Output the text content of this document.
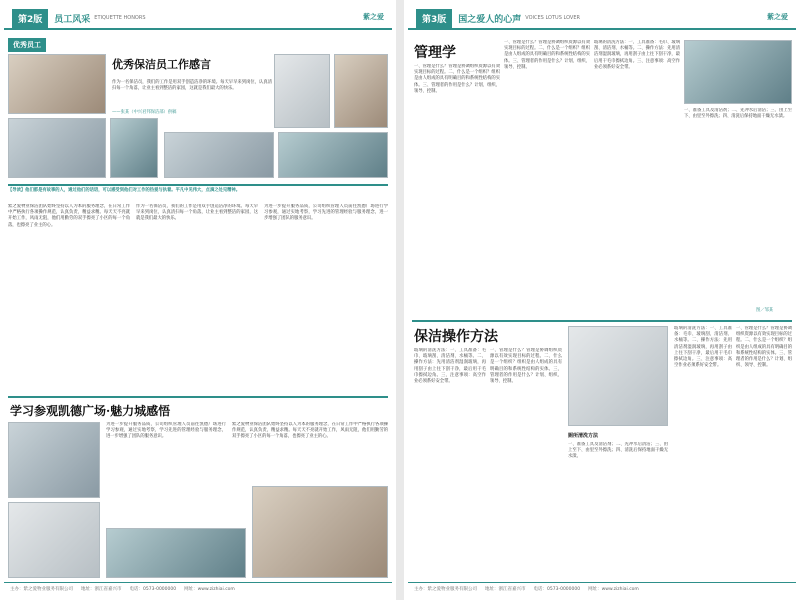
第2版	员工风采 ETIQUETTE HONORS	紫之爱
优秀员工
优秀保洁员工作感言
作为一名保洁员，我们的工作是用双手创造洁净的环境。每天早早来到岗位，认真清扫每一个角落，让业主看到整洁的家园，这就是我们最大的快乐。
——张某（中兴君邦保洁部）供稿
【导读】他们都是有故事的人，通过他们的话语，可以感受到他们对工作的热爱与执着。平凡中见伟大，点滴之处见精神。
紫之爱物业保洁团队始终坚持以人为本的服务理念，在日常工作中严格执行各项操作规范，认真负责，精益求精。每天天不亮就开始工作，风雨无阻，他们用勤劳的双手擦亮了小区的每一个角落，也擦亮了业主的心。
作为一名保洁员，我们的工作是用双手创造洁净的环境。每天早早来到岗位，认真清扫每一个角落，让业主看到整洁的家园，这就是我们最大的快乐。
为进一步提升服务品质，公司组织管理人员前往凯德广场进行学习参观，通过实地考察，学习先进的管理经验与服务理念，进一步增强了团队的服务意识。
学习参观凯德广场·魅力城感悟
为进一步提升服务品质，公司组织管理人员前往凯德广场进行学习参观，通过实地考察，学习先进的管理经验与服务理念，进一步增强了团队的服务意识。
紫之爱物业保洁团队始终坚持以人为本的服务理念，在日常工作中严格执行各项操作规范，认真负责，精益求精。每天天不亮就开始工作，风雨无阻，他们用勤劳的双手擦亮了小区的每一个角落，也擦亮了业主的心。
主办：紫之爱物业服务有限公司 地址：浙江省嘉兴市 电话：0573-0000000 网址：www.zizhiai.com
第3版	国之爱人的心声 VOICES LOTUS LOVER	紫之爱
管理学
一、管理是什么？管理是协调组织资源以有效实现目标的过程。二、什么是一个组织？组织是由人组成的具有明确目的和系统性结构的实体。三、管理者的作用是什么？计划、组织、领导、控制。
一、管理是什么？管理是协调组织资源以有效实现目标的过程。二、什么是一个组织？组织是由人组成的具有明确目的和系统性结构的实体。三、管理者的作用是什么？计划、组织、领导、控制。
玻璃的清洗方法：一、工具准备：毛巾、玻璃刮、清洁剂、水桶等。二、操作方法：先用清洁剂湿润玻璃，再用刮子由上往下刮干净，最后用干毛巾擦拭边角。三、注意事项：高空作业必须系好安全带。
一、准备工具及清洁剂；二、先冲水后清洁；三、由上至下、由里至外擦洗；四、清洗后保持地面干燥无水渍。
图／邹某
保洁操作方法
玻璃的清洗方法：一、工具准备：毛巾、玻璃刮、清洁剂、水桶等。二、操作方法：先用清洁剂湿润玻璃，再用刮子由上往下刮干净，最后用干毛巾擦拭边角。三、注意事项：高空作业必须系好安全带。
一、管理是什么？管理是协调组织资源以有效实现目标的过程。二、什么是一个组织？组织是由人组成的具有明确目的和系统性结构的实体。三、管理者的作用是什么？计划、组织、领导、控制。
厕所清洗方法
一、准备工具及清洁剂；二、先冲水后清洁；三、由上至下、由里至外擦洗；四、清洗后保持地面干燥无水渍。
玻璃的清洗方法：一、工具准备：毛巾、玻璃刮、清洁剂、水桶等。二、操作方法：先用清洁剂湿润玻璃，再用刮子由上往下刮干净，最后用干毛巾擦拭边角。三、注意事项：高空作业必须系好安全带。
一、管理是什么？管理是协调组织资源以有效实现目标的过程。二、什么是一个组织？组织是由人组成的具有明确目的和系统性结构的实体。三、管理者的作用是什么？计划、组织、领导、控制。
主办：紫之爱物业服务有限公司 地址：浙江省嘉兴市 电话：0573-0000000 网址：www.zizhiai.com
